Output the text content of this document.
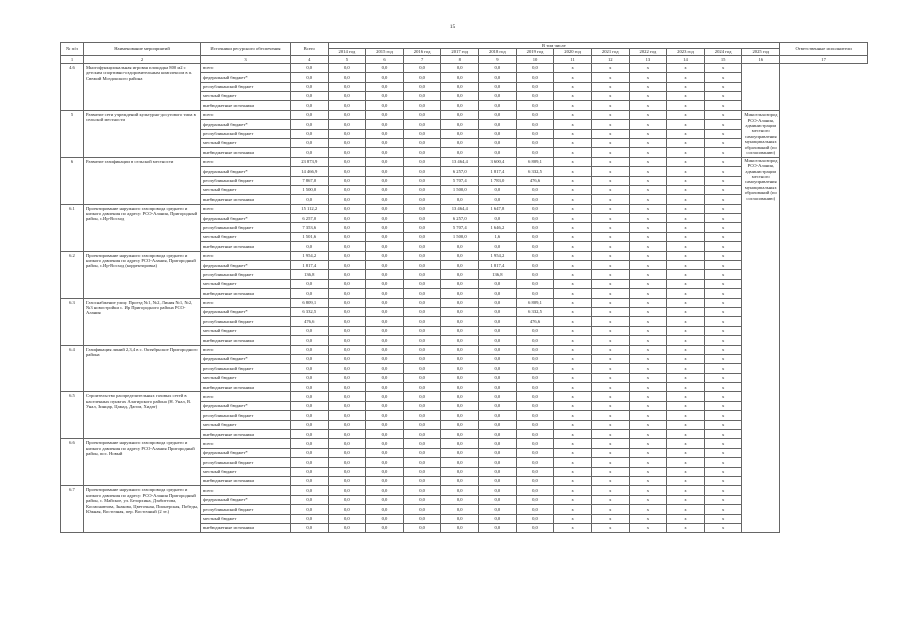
15
№ п/п	Наименование мероприятий	Источники ресурсного обеспечения	Всего	В том числе												Ответственные исполнители
				2014 год	2015 год	2016 год	2017 год	2018 год	2019 год	2020 год	2021 год	2022 год	2023 год	2024 год	2025 год	
1	2	3	4	5	6	7	8	9	10	11	12	13	14	15	16	17
4.6	Многофункциональная игровая площадка 800 м2 с детским спортивно-оздоровительным комплексом в п. Свежий Моздокского района	всего	0,0	0,0	0,0	0,0	0,0	0,0	0,0	х	х	х	х	х		
		федеральный бюджет*	0,0	0,0	0,0	0,0	0,0	0,0	0,0	х	х	х	х	х		
		республиканский бюджет	0,0	0,0	0,0	0,0	0,0	0,0	0,0	х	х	х	х	х		
		местный бюджет	0,0	0,0	0,0	0,0	0,0	0,0	0,0	х	х	х	х	х		
		внебюджетные источники	0,0	0,0	0,0	0,0	0,0	0,0	0,0	х	х	х	х	х		
5	Развитие сети учреждений культурно-досугового типа в сельской местности	всего	0,0	0,0	0,0	0,0	0,0	0,0	0,0	х	х	х	х	х	Минсельхозпрод РСО-Алания, администрации местного самоуправления муниципальных образований (по согласованию)	
		федеральный бюджет*	0,0	0,0	0,0	0,0	0,0	0,0	0,0	х	х	х	х	х		
		республиканский бюджет	0,0	0,0	0,0	0,0	0,0	0,0	0,0	х	х	х	х	х		
		местный бюджет	0,0	0,0	0,0	0,0	0,0	0,0	0,0	х	х	х	х	х		
		внебюджетные источники	0,0	0,0	0,0	0,0	0,0	0,0	0,0	х	х	х	х	х		
6	Развитие газификации в сельской местности	всего	23 873,9	0,0	0,0	0,0	13 464,4	3 600,4	6 809,1	х	х	х	х	х	Минсельхозпрод РСО-Алания, администрации местного самоуправления муниципальных образований (по согласованию)	
		федеральный бюджет*	14 466,9	0,0	0,0	0,0	6 257,0	1 817,4	6 332,5	х	х	х	х	х		
		республиканский бюджет	7 867,0	0,0	0,0	0,0	5 707,4	1 783,0	476,6	х	х	х	х	х		
		местный бюджет	1 500,0	0,0	0,0	0,0	1 500,0	0,0	0,0	х	х	х	х	х		
		внебюджетные источники	0,0	0,0	0,0	0,0	0,0	0,0	0,0	х	х	х	х	х		
6.1	Проектирование наружного газопровода среднего и низкого давления по адресу: РСО-Алания, Пригородный район, с.Ир-Восход	всего	15 112,2	0,0	0,0	0,0	13 464,4	1 647,8	0,0	х	х	х	х	х		
		федеральный бюджет*	6 257,0	0,0	0,0	0,0	6 257,0	0,0	0,0	х	х	х	х	х		
		республиканский бюджет	7 353,6	0,0	0,0	0,0	5 707,4	1 646,2	0,0	х	х	х	х	х		
		местный бюджет	1 501,6	0,0	0,0	0,0	1 500,0	1,6	0,0	х	х	х	х	х		
		внебюджетные источники	0,0	0,0	0,0	0,0	0,0	0,0	0,0	х	х	х	х	х		
6.2	Проектирование наружного газопровода среднего и низкого давления по адресу РСО-Алания, Пригородный район, с.Ир-Восход (корректировка)	всего	1 954,2	0,0	0,0	0,0	0,0	1 954,2	0,0	х	х	х	х	х		
		федеральный бюджет*	1 817,4	0,0	0,0	0,0	0,0	1 817,4	0,0	х	х	х	х	х		
		республиканский бюджет	136,8	0,0	0,0	0,0	0,0	136,8	0,0	х	х	х	х	х		
		местный бюджет	0,0	0,0	0,0	0,0	0,0	0,0	0,0	х	х	х	х	х		
		внебюджетные источники	0,0	0,0	0,0	0,0	0,0	0,0	0,0	х	х	х	х	х		
6.3	Газоснабжение улиц: Проезд №1, №2, Линия №1, №2, №3 новостройки с. Ир Пригородного района РСО-Алания	всего	6 809,1	0,0	0,0	0,0	0,0	0,0	6 809,1	х	х	х	х	х		
		федеральный бюджет*	6 332,5	0,0	0,0	0,0	0,0	0,0	6 332,5	х	х	х	х	х		
		республиканский бюджет	476,6	0,0	0,0	0,0	0,0	0,0	476,6	х	х	х	х	х		
		местный бюджет	0,0	0,0	0,0	0,0	0,0	0,0	0,0	х	х	х	х	х		
		внебюджетные источники	0,0	0,0	0,0	0,0	0,0	0,0	0,0	х	х	х	х	х		
6.4	Газификация линий 2,3,4 в с. Октябрьское Пригородного района	всего	0,0	0,0	0,0	0,0	0,0	0,0	0,0	х	х	х	х	х		
		федеральный бюджет*	0,0	0,0	0,0	0,0	0,0	0,0	0,0	х	х	х	х	х		
		республиканский бюджет	0,0	0,0	0,0	0,0	0,0	0,0	0,0	х	х	х	х	х		
		местный бюджет	0,0	0,0	0,0	0,0	0,0	0,0	0,0	х	х	х	х	х		
		внебюджетные источники	0,0	0,0	0,0	0,0	0,0	0,0	0,0	х	х	х	х	х		
6.5	Строительство распределительных газовых сетей в населенных пунктах Алагирского района (Н. Унал, В. Унал, Зинцар, Цамад, Дагом, Хидат)	всего	0,0	0,0	0,0	0,0	0,0	0,0	0,0	х	х	х	х	х		
		федеральный бюджет*	0,0	0,0	0,0	0,0	0,0	0,0	0,0	х	х	х	х	х		
		республиканский бюджет	0,0	0,0	0,0	0,0	0,0	0,0	0,0	х	х	х	х	х		
		местный бюджет	0,0	0,0	0,0	0,0	0,0	0,0	0,0	х	х	х	х	х		
		внебюджетные источники	0,0	0,0	0,0	0,0	0,0	0,0	0,0	х	х	х	х	х		
6.6	Проектирование наружного газопровода среднего и низкого давления по адресу РСО-Алания Пригородный район, пос. Новый	всего	0,0	0,0	0,0	0,0	0,0	0,0	0,0	х	х	х	х	х		
		федеральный бюджет*	0,0	0,0	0,0	0,0	0,0	0,0	0,0	х	х	х	х	х		
		республиканский бюджет	0,0	0,0	0,0	0,0	0,0	0,0	0,0	х	х	х	х	х		
		местный бюджет	0,0	0,0	0,0	0,0	0,0	0,0	0,0	х	х	х	х	х		
		внебюджетные источники	0,0	0,0	0,0	0,0	0,0	0,0	0,0	х	х	х	х	х		
6.7	Проектирование наружного газопровода среднего и низкого давления по адресу: РСО-Алания Пригородный район, с. Майское, ул. Безорхина, Дзабиттова, Космонавтова, Знакова, Цветочная, Пионерская, Победы, Южная, Восточная, пер. Восточный (2 эт.)	всего	0,0	0,0	0,0	0,0	0,0	0,0	0,0	х	х	х	х	х		
		федеральный бюджет*	0,0	0,0	0,0	0,0	0,0	0,0	0,0	х	х	х	х	х		
		республиканский бюджет	0,0	0,0	0,0	0,0	0,0	0,0	0,0	х	х	х	х	х		
		местный бюджет	0,0	0,0	0,0	0,0	0,0	0,0	0,0	х	х	х	х	х		
		внебюджетные источники	0,0	0,0	0,0	0,0	0,0	0,0	0,0	х	х	х	х	х		
